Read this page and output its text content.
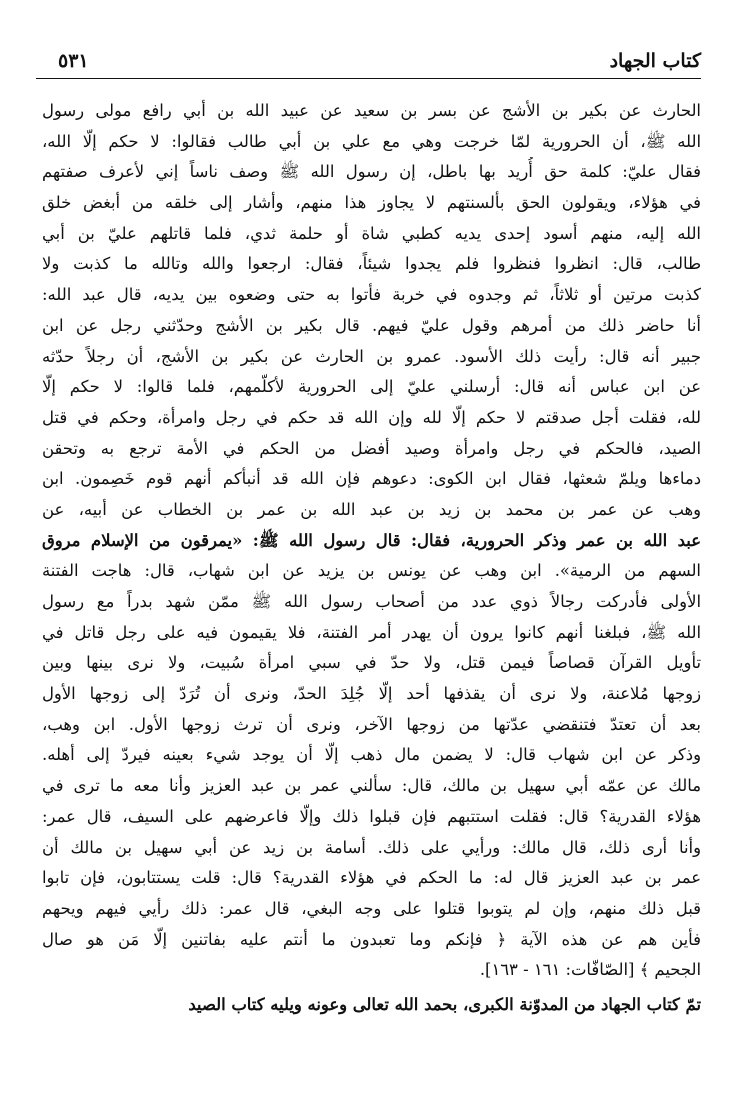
كتاب الجهاد
٥٣١
الحارث عن بكير بن الأشج عن بسر بن سعيد عن عبيد الله بن أبي رافع مولى رسول
الله ﷺ، أن الحرورية لمّا خرجت وهي مع علي بن أبي طالب فقالوا: لا حكم إلّا الله،
فقال عليّ: كلمة حق أُريد بها باطل، إن رسول الله ﷺ وصف ناساً إني لأعرف صفتهم
في هؤلاء، ويقولون الحق بألسنتهم لا يجاوز هذا منهم، وأشار إلى خلقه من أبغض خلق
الله إليه، منهم أسود إحدى يديه كطبي شاة أو حلمة ثدي، فلما قاتلهم عليّ بن أبي
طالب، قال: انظروا فنظروا فلم يجدوا شيئاً، فقال: ارجعوا والله وتالله ما كذبت ولا
كذبت مرتين أو ثلاثاً، ثم وجدوه في خربة فأتوا به حتى وضعوه بين يديه، قال عبد الله:
أنا حاضر ذلك من أمرهم وقول عليّ فيهم. قال بكير بن الأشج وحدّثني رجل عن ابن
جبير أنه قال: رأيت ذلك الأسود. عمرو بن الحارث عن بكير بن الأشج، أن رجلاً حدّثه
عن ابن عباس أنه قال: أرسلني عليّ إلى الحرورية لأكلّمهم، فلما قالوا: لا حكم إلّا
لله، فقلت أجل صدقتم لا حكم إلّا لله وإن الله قد حكم في رجل وامرأة، وحكم في قتل
الصيد، فالحكم في رجل وامرأة وصيد أفضل من الحكم في الأمة ترجع به وتحقن
دماءها ويلمّ شعثها، فقال ابن الكوى: دعوهم فإن الله قد أنبأكم أنهم قوم خَصِمون. ابن
وهب عن عمر بن محمد بن زيد بن عبد الله بن عمر بن الخطاب عن أبيه، عن
عبد الله بن عمر وذكر الحرورية، فقال: قال رسول الله ﷺ: «يمرقون من الإسلام مروق
السهم من الرمية». ابن وهب عن يونس بن يزيد عن ابن شهاب، قال: هاجت الفتنة
الأولى فأدركت رجالاً ذوي عدد من أصحاب رسول الله ﷺ ممّن شهد بدراً مع رسول
الله ﷺ، فبلغنا أنهم كانوا يرون أن يهدر أمر الفتنة، فلا يقيمون فيه على رجل قاتل في
تأويل القرآن قصاصاً فيمن قتل، ولا حدّ في سبي امرأة سُبيت، ولا نرى بينها وبين
زوجها مُلاعنة، ولا نرى أن يقذفها أحد إلّا جُلِدَ الحدّ، ونرى أن تُرَدّ إلى زوجها الأول
بعد أن تعتدّ فتنقضي عدّتها من زوجها الآخر، ونرى أن ترث زوجها الأول. ابن وهب،
وذكر عن ابن شهاب قال: لا يضمن مال ذهب إلّا أن يوجد شيء بعينه فيردّ إلى أهله.
مالك عن عمّه أبي سهيل بن مالك، قال: سألني عمر بن عبد العزيز وأنا معه ما ترى في
هؤلاء القدرية؟ قال: فقلت استتبهم فإن قبلوا ذلك وإلّا فاعرضهم على السيف، قال عمر:
وأنا أرى ذلك، قال مالك: ورأيي على ذلك. أسامة بن زيد عن أبي سهيل بن مالك أن
عمر بن عبد العزيز قال له: ما الحكم في هؤلاء القدرية؟ قال: قلت يستتابون، فإن تابوا
قبل ذلك منهم، وإن لم يتوبوا قتلوا على وجه البغي، قال عمر: ذلك رأيي فيهم ويحهم
فأين هم عن هذه الآية ﴿ فإنكم وما تعبدون ما أنتم عليه بفاتنين إلّا مَن هو صال
الجحيم ﴾ [الصّافّات: ١٦١ - ١٦٣].
تمّ كتاب الجهاد من المدوّنة الكبرى، بحمد الله تعالى وعونه ويليه كتاب الصيد
